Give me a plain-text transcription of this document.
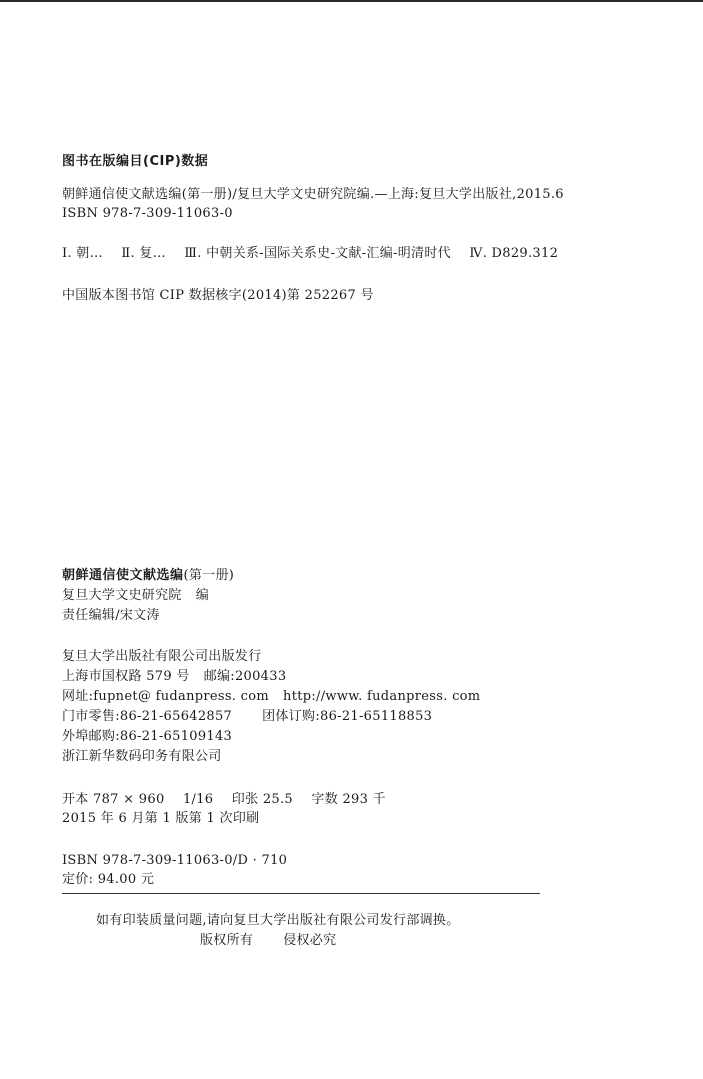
图书在版编目(CIP)数据
朝鲜通信使文献选编(第一册)/复旦大学文史研究院编.—上海:复旦大学出版社,2015.6
ISBN 978-7-309-11063-0
Ⅰ. 朝… Ⅱ. 复… Ⅲ. 中朝关系-国际关系史-文献-汇编-明清时代 Ⅳ. D829.312
中国版本图书馆 CIP 数据核字(2014)第 252267 号
朝鲜通信使文献选编(第一册)
复旦大学文史研究院 编
责任编辑/宋文涛
复旦大学出版社有限公司出版发行
上海市国权路 579 号 邮编:200433
网址:fupnet@ fudanpress. com http://www. fudanpress. com
门市零售:86-21-65642857 团体订购:86-21-65118853
外埠邮购:86-21-65109143
浙江新华数码印务有限公司
开本 787 × 960 1/16 印张 25.5 字数 293 千
2015 年 6 月第 1 版第 1 次印刷
ISBN 978-7-309-11063-0/D · 710
定价: 94.00 元
如有印装质量问题,请向复旦大学出版社有限公司发行部调换。
版权所有 侵权必究
